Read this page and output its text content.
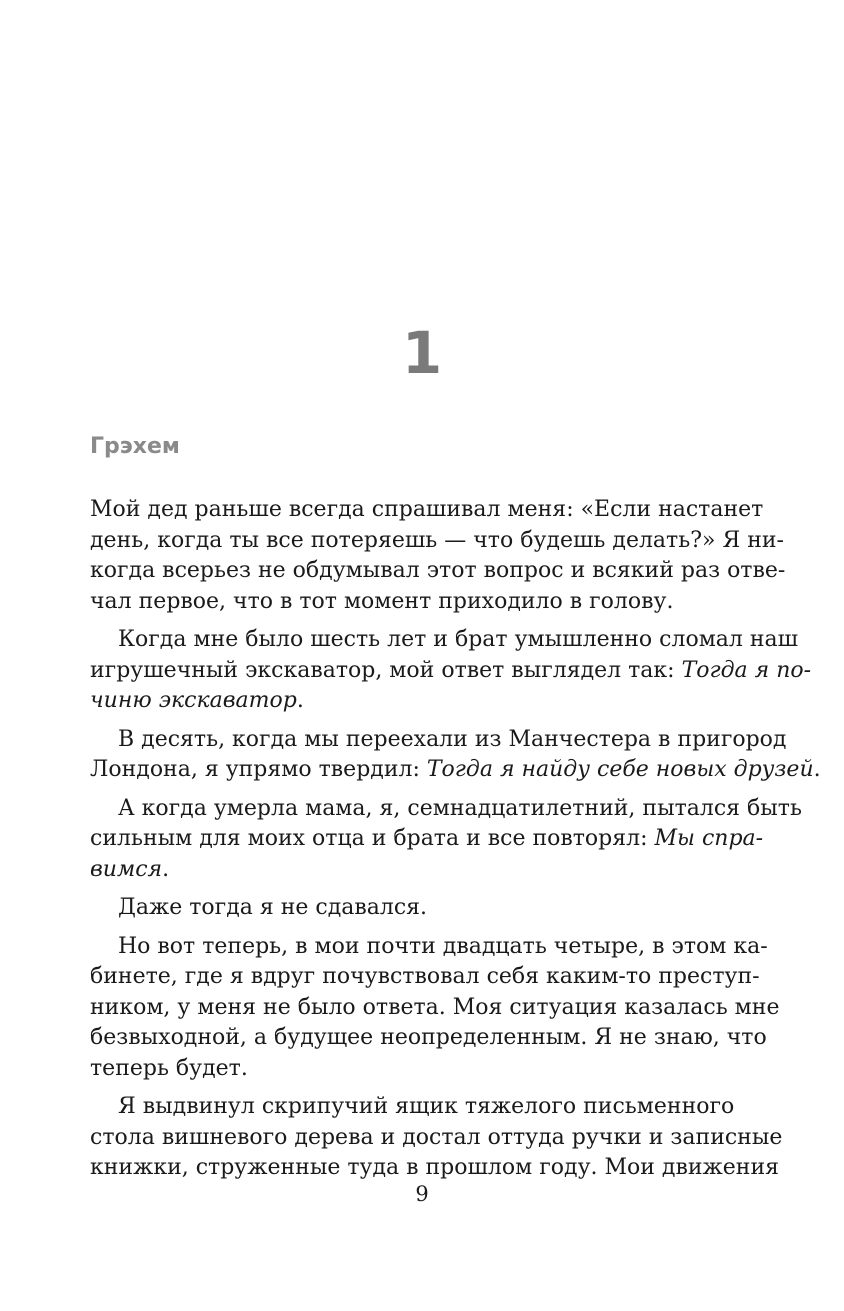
1
Грэхем
Мой дед раньше всегда спрашивал меня: «Если настанет
день, когда ты все потеряешь — что будешь делать?» Я ни-
когда всерьез не обдумывал этот вопрос и всякий раз отве-
чал первое, что в тот момент приходило в голову.
Когда мне было шесть лет и брат умышленно сломал наш
игрушечный экскаватор, мой ответ выглядел так: Тогда я по-
чиню экскаватор.
В десять, когда мы переехали из Манчестера в пригород
Лондона, я упрямо твердил: Тогда я найду себе новых друзей.
А когда умерла мама, я, семнадцатилетний, пытался быть
сильным для моих отца и брата и все повторял: Мы спра-
вимся.
Даже тогда я не сдавался.
Но вот теперь, в мои почти двадцать четыре, в этом ка-
бинете, где я вдруг почувствовал себя каким-то преступ-
ником, у меня не было ответа. Моя ситуация казалась мне
безвыходной, а будущее неопределенным. Я не знаю, что
теперь будет.
Я выдвинул скрипучий ящик тяжелого письменного
стола вишневого дерева и достал оттуда ручки и записные
книжки, струженные туда в прошлом году. Мои движения
9
